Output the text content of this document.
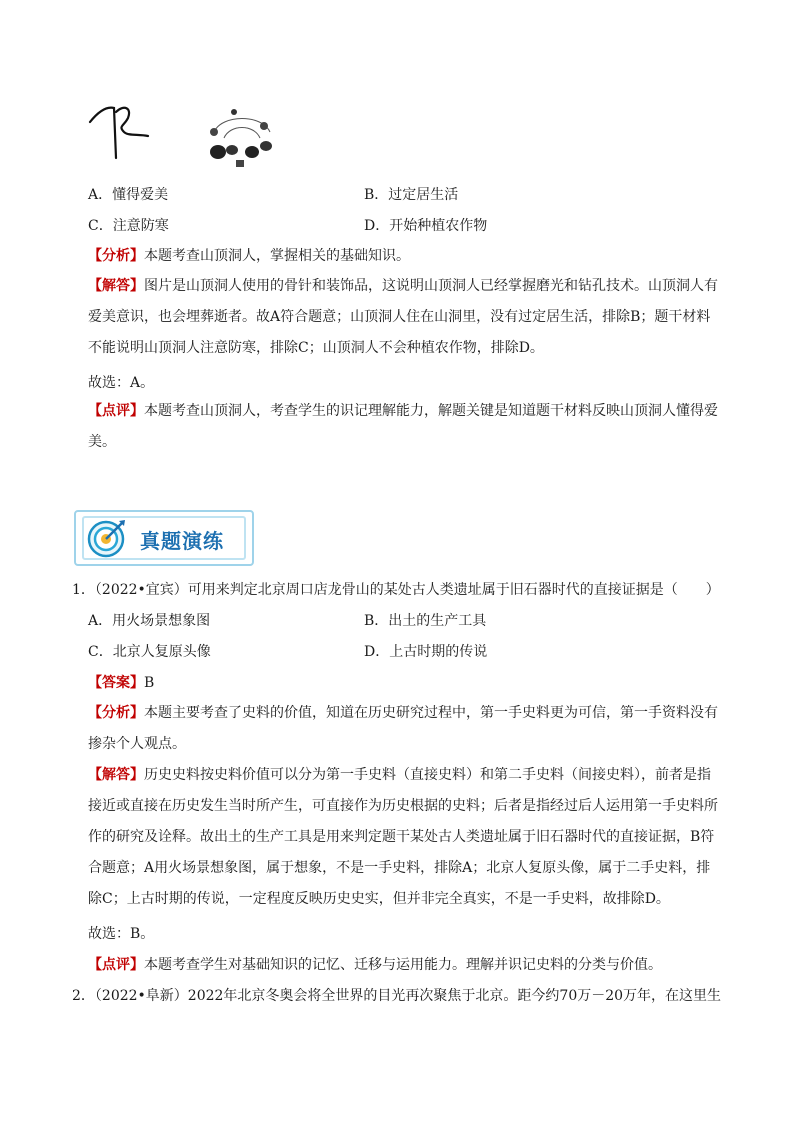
A．懂得爱美	B．过定居生活
C．注意防寒	D．开始种植农作物
【分析】本题考查山顶洞人，掌握相关的基础知识。
【解答】图片是山顶洞人使用的骨针和装饰品，这说明山顶洞人已经掌握磨光和钻孔技术。山顶洞人有爱美意识，也会埋葬逝者。故A符合题意；山顶洞人住在山洞里，没有过定居生活，排除B；题干材料不能说明山顶洞人注意防寒，排除C；山顶洞人不会种植农作物，排除D。
故选：A。
【点评】本题考查山顶洞人，考查学生的识记理解能力，解题关键是知道题干材料反映山顶洞人懂得爱美。
真题演练
1．（2022•宜宾）可用来判定北京周口店龙骨山的某处古人类遗址属于旧石器时代的直接证据是（　　）
A．用火场景想象图	B．出土的生产工具
C．北京人复原头像	D．上古时期的传说
【答案】B
【分析】本题主要考查了史料的价值，知道在历史研究过程中，第一手史料更为可信，第一手资料没有掺杂个人观点。
【解答】历史史料按史料价值可以分为第一手史料（直接史料）和第二手史料（间接史料），前者是指接近或直接在历史发生当时所产生，可直接作为历史根据的史料；后者是指经过后人运用第一手史料所作的研究及诠释。故出土的生产工具是用来判定题干某处古人类遗址属于旧石器时代的直接证据，B符合题意；A用火场景想象图，属于想象，不是一手史料，排除A；北京人复原头像，属于二手史料，排除C；上古时期的传说，一定程度反映历史史实，但并非完全真实，不是一手史料，故排除D。
故选：B。
【点评】本题考查学生对基础知识的记忆、迁移与运用能力。理解并识记史料的分类与价值。
2．（2022•阜新）2022年北京冬奥会将全世界的目光再次聚焦于北京。距今约70万－20万年，在这里生
